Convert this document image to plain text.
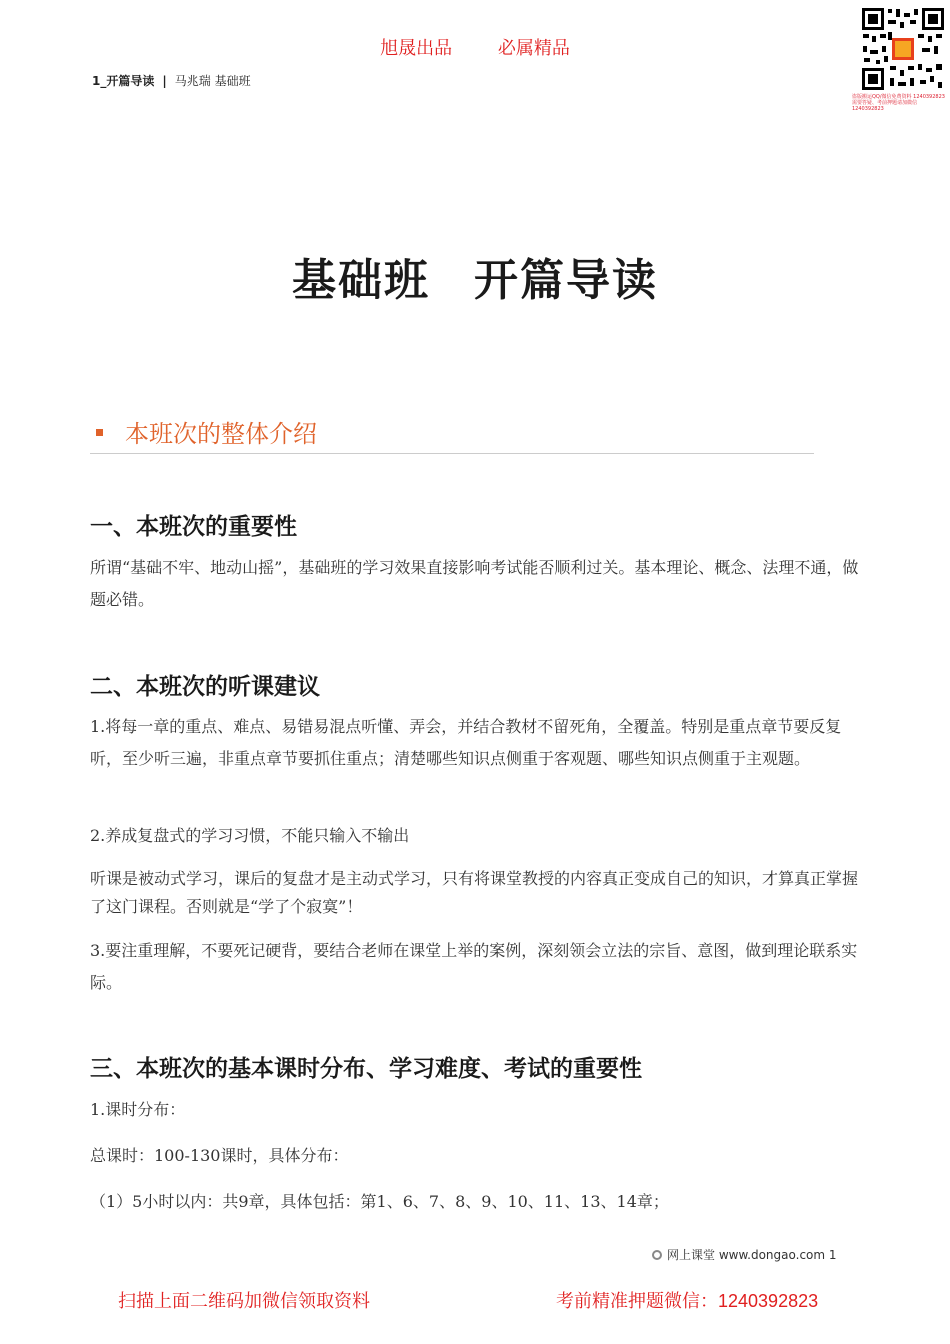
旭晟出品	必属精品
1_开篇导读 | 马兆瑞 基础班
盗版搬运QQ/微信免费资料 1240392823 需要答疑、考前押题请加微信 1240392823
基础班 开篇导读
本班次的整体介绍
一、本班次的重要性
所谓“基础不牢、地动山摇”，基础班的学习效果直接影响考试能否顺利过关。基本理论、概念、法理不通，做题必错。
二、本班次的听课建议
1.将每一章的重点、难点、易错易混点听懂、弄会，并结合教材不留死角，全覆盖。特别是重点章节要反复听，至少听三遍，非重点章节要抓住重点；清楚哪些知识点侧重于客观题、哪些知识点侧重于主观题。
2.养成复盘式的学习习惯，不能只输入不输出
听课是被动式学习，课后的复盘才是主动式学习，只有将课堂教授的内容真正变成自己的知识，才算真正掌握了这门课程。否则就是“学了个寂寞”！
3.要注重理解，不要死记硬背，要结合老师在课堂上举的案例，深刻领会立法的宗旨、意图，做到理论联系实际。
三、本班次的基本课时分布、学习难度、考试的重要性
1.课时分布：
总课时：100-130课时，具体分布：
（1）5小时以内：共9章，具体包括：第1、6、7、8、9、10、11、13、14章；
网上课堂 www.dongao.com 1
扫描上面二维码加微信领取资料	考前精准押题微信：1240392823
